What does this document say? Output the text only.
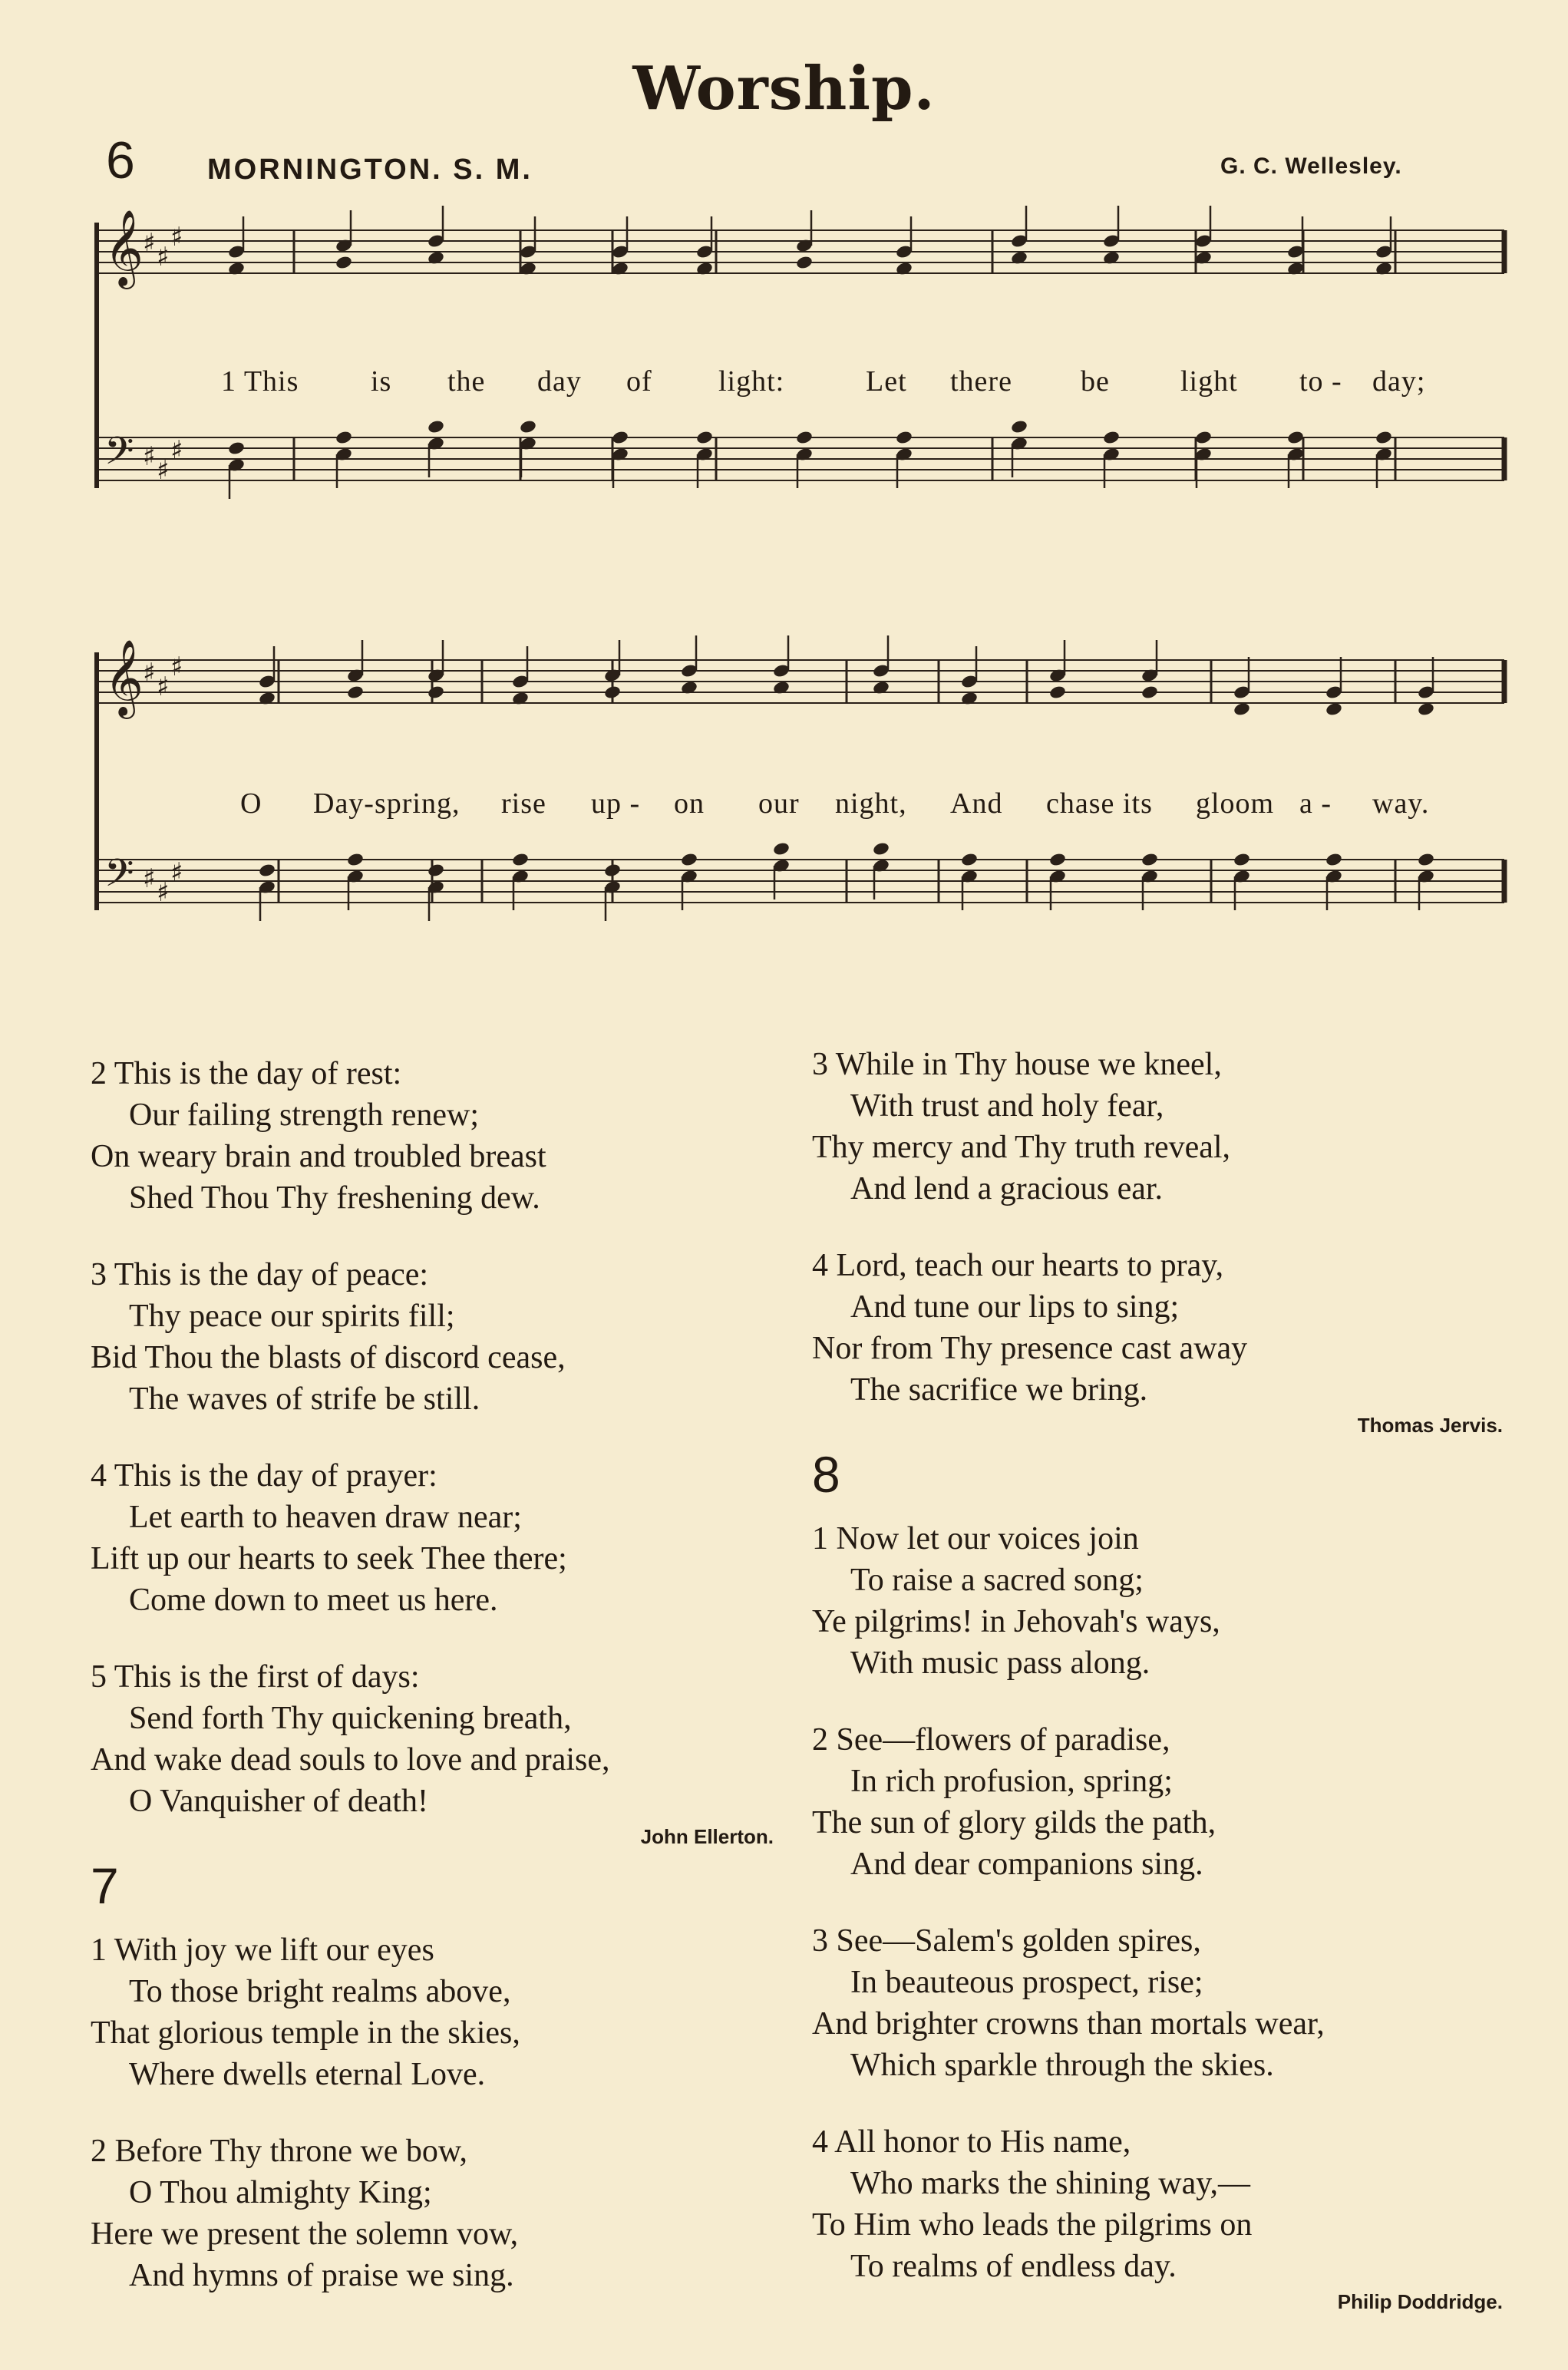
Worship.
6 MORNINGTON. S. M.	G. C. Wellesley.
𝄞
𝄢
♯
♯
♯
♯
♯
♯
1 This is the day of light:	Let there be light to - day;
𝄞
𝄢
♯
♯
♯
♯
♯
♯
O Day-spring, rise up - on our night, And chase its gloom a - way.
2 This is the day of rest:
Our failing strength renew;
On weary brain and troubled breast
Shed Thou Thy freshening dew.
3 This is the day of peace:
Thy peace our spirits fill;
Bid Thou the blasts of discord cease,
The waves of strife be still.
4 This is the day of prayer:
Let earth to heaven draw near;
Lift up our hearts to seek Thee there;
Come down to meet us here.
5 This is the first of days:
Send forth Thy quickening breath,
And wake dead souls to love and praise,
O Vanquisher of death!
John Ellerton.
7
1 With joy we lift our eyes
To those bright realms above,
That glorious temple in the skies,
Where dwells eternal Love.
2 Before Thy throne we bow,
O Thou almighty King;
Here we present the solemn vow,
And hymns of praise we sing.
3 While in Thy house we kneel,
With trust and holy fear,
Thy mercy and Thy truth reveal,
And lend a gracious ear.
4 Lord, teach our hearts to pray,
And tune our lips to sing;
Nor from Thy presence cast away
The sacrifice we bring.
Thomas Jervis.
8
1 Now let our voices join
To raise a sacred song;
Ye pilgrims! in Jehovah's ways,
With music pass along.
2 See—flowers of paradise,
In rich profusion, spring;
The sun of glory gilds the path,
And dear companions sing.
3 See—Salem's golden spires,
In beauteous prospect, rise;
And brighter crowns than mortals wear,
Which sparkle through the skies.
4 All honor to His name,
Who marks the shining way,—
To Him who leads the pilgrims on
To realms of endless day.
Philip Doddridge.
